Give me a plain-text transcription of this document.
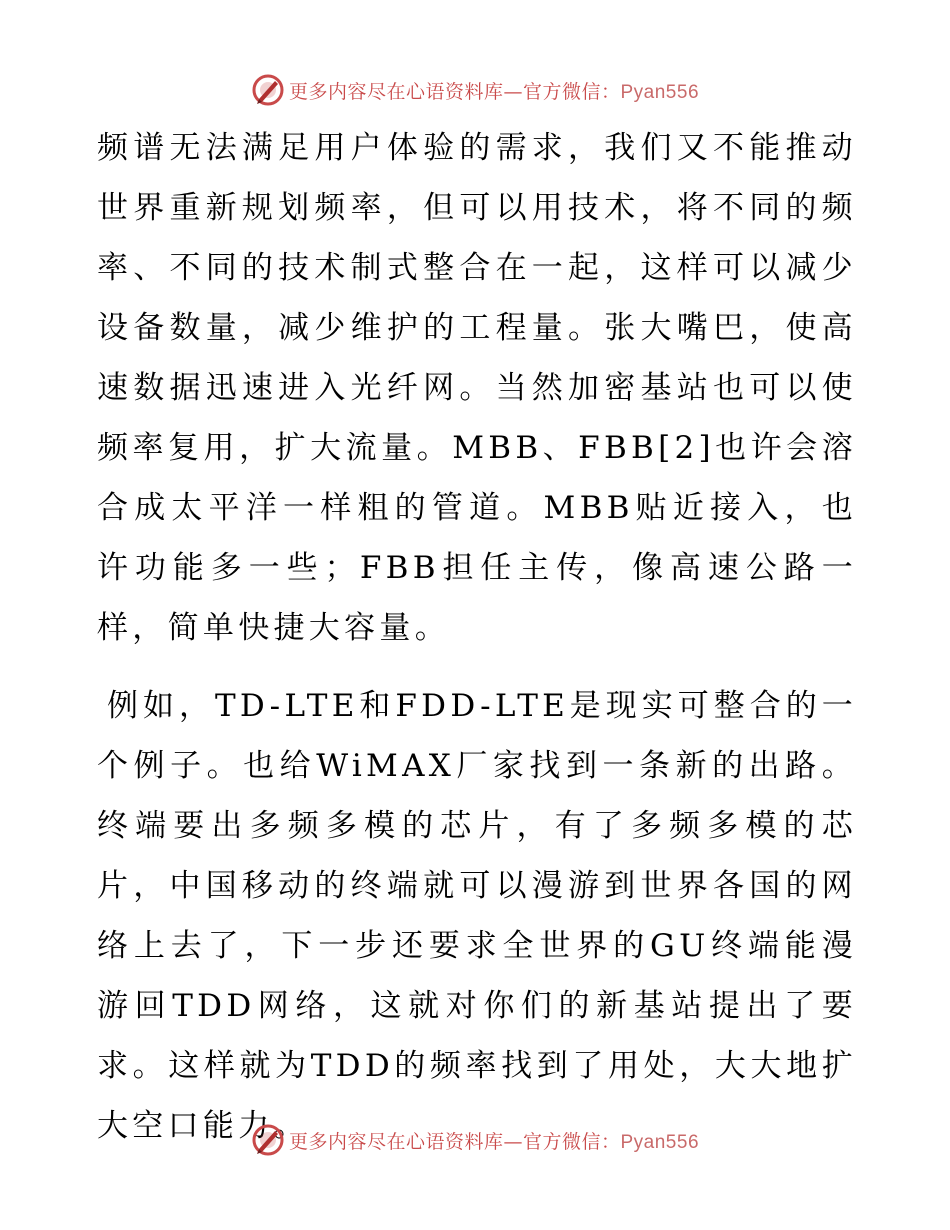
更多内容尽在心语资料库—官方微信：Pyan556

频谱无法满足用户体验的需求，我们又不能推动世界重新规划频率，但可以用技术，将不同的频率、不同的技术制式整合在一起，这样可以减少设备数量，减少维护的工程量。张大嘴巴，使高速数据迅速进入光纤网。当然加密基站也可以使频率复用，扩大流量。MBB、FBB[2]也许会溶合成太平洋一样粗的管道。MBB贴近接入，也许功能多一些；FBB担任主传，像高速公路一样，简单快捷大容量。

例如，TD-LTE和FDD-LTE是现实可整合的一个例子。也给WiMAX厂家找到一条新的出路。终端要出多频多模的芯片，有了多频多模的芯片，中国移动的终端就可以漫游到世界各国的网络上去了，下一步还要求全世界的GU终端能漫游回TDD网络，这就对你们的新基站提出了要求。这样就为TDD的频率找到了用处，大大地扩大空口能力。

更多内容尽在心语资料库—官方微信：Pyan556
